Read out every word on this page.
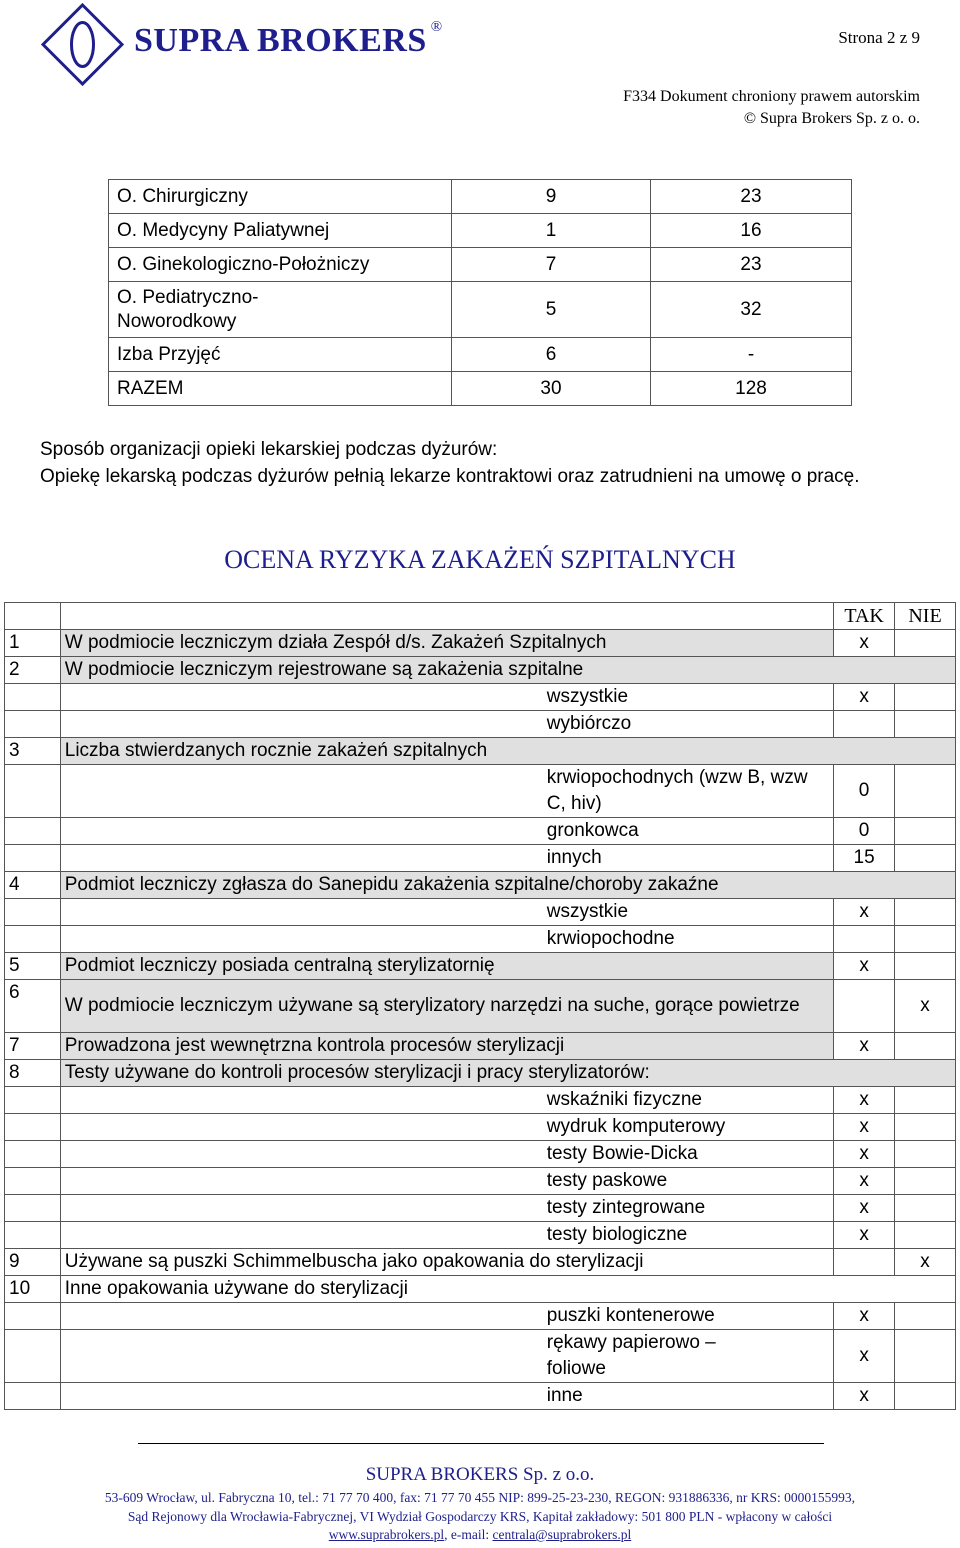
SUPRA BROKERS ®
Strona 2 z 9
F334 Dokument chroniony prawem autorskim
© Supra Brokers Sp. z o. o.
O. Chirurgiczny	9	23
O. Medycyny Paliatywnej	1	16
O. Ginekologiczno-Położniczy	7	23
O. Pediatryczno-Noworodkowy	5	32
Izba Przyjęć	6	-
RAZEM	30	128
Sposób organizacji opieki lekarskiej podczas dyżurów:
Opiekę lekarską podczas dyżurów pełnią lekarze kontraktowi oraz zatrudnieni na umowę o pracę.
OCENA RYZYKA ZAKAŻEŃ SZPITALNYCH
		TAK	NIE
1	W podmiocie leczniczym działa Zespół d/s. Zakażeń Szpitalnych	x	
2	W podmiocie leczniczym rejestrowane są zakażenia szpitalne		
	wszystkie	x	
	wybiórczo		
3	Liczba stwierdzanych rocznie zakażeń szpitalnych		
	krwiopochodnych (wzw B, wzw C, hiv)	0	
	gronkowca	0	
	innych	15	
4	Podmiot leczniczy zgłasza do Sanepidu zakażenia szpitalne/choroby zakaźne		
	wszystkie	x	
	krwiopochodne		
5	Podmiot leczniczy posiada centralną sterylizatornię	x	
6	W podmiocie leczniczym używane są sterylizatory narzędzi na suche, gorące powietrze		x
7	Prowadzona jest wewnętrzna kontrola procesów sterylizacji	x	
8	Testy używane do kontroli procesów sterylizacji i pracy sterylizatorów:		
	wskaźniki fizyczne	x	
	wydruk komputerowy	x	
	testy Bowie-Dicka	x	
	testy paskowe	x	
	testy zintegrowane	x	
	testy biologiczne	x	
9	Używane są puszki Schimmelbuscha jako opakowania do sterylizacji		x
10	Inne opakowania używane do sterylizacji		
	puszki kontenerowe	x	
	rękawy papierowo – foliowe	x	
	inne	x	
SUPRA BROKERS Sp. z o.o.
53-609 Wrocław, ul. Fabryczna 10, tel.: 71 77 70 400, fax: 71 77 70 455 NIP: 899-25-23-230, REGON: 931886336, nr KRS: 0000155993,
Sąd Rejonowy dla Wrocławia-Fabrycznej, VI Wydział Gospodarczy KRS, Kapitał zakładowy: 501 800 PLN - wpłacony w całości
www.suprabrokers.pl, e-mail: centrala@suprabrokers.pl
